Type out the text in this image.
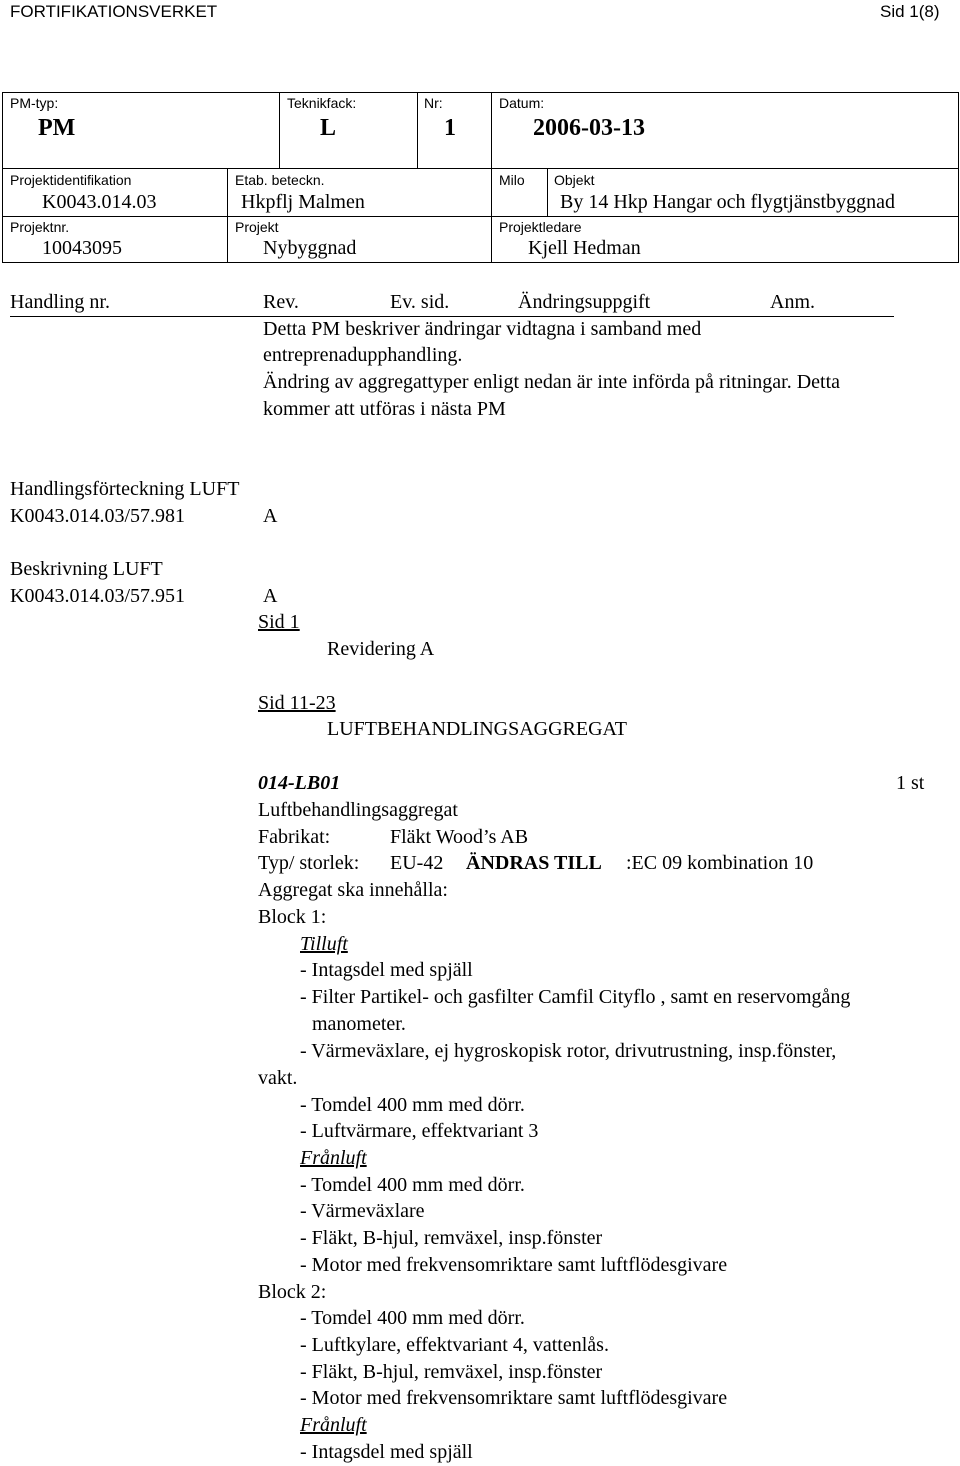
FORTIFIKATIONSVERKET	Sid 1(8)
PM-typ:
PM
Teknikfack:
L
Nr:
1
Datum:
2006-03-13
Projektidentifikation
K0043.014.03
Etab. beteckn.
Hkpflj Malmen
Milo Objekt
By 14 Hkp Hangar och flygtjänstbyggnad
Projektnr.
10043095
Projekt
Nybyggnad
Projektledare
Kjell Hedman
Handling nr.	Rev.	Ev. sid.	Ändringsuppgift	Anm.
Detta PM beskriver ändringar vidtagna i samband med
entreprenadupphandling.
Ändring av aggregattyper enligt nedan är inte införda på ritningar. Detta
kommer att utföras i nästa PM
Handlingsförteckning LUFT
K0043.014.03/57.981	A
Beskrivning LUFT
K0043.014.03/57.951	A
Sid 1
Revidering A
Sid 11-23
LUFTBEHANDLINGSAGGREGAT
014-LB01	1 st
Luftbehandlingsaggregat
Fabrikat:	Fläkt Wood’s AB
Typ/ storlek: EU-42 ÄNDRAS TILL :EC 09 kombination 10
Aggregat ska innehålla:
Block 1:
Tilluft
- Intagsdel med spjäll
- Filter Partikel- och gasfilter Camfil Cityflo , samt en reservomgång
manometer.
- Värmeväxlare, ej hygroskopisk rotor, drivutrustning, insp.fönster,
vakt.
- Tomdel 400 mm med dörr.
- Luftvärmare, effektvariant 3
Frånluft
- Tomdel 400 mm med dörr.
- Värmeväxlare
- Fläkt, B-hjul, remväxel, insp.fönster
- Motor med frekvensomriktare samt luftflödesgivare
Block 2:
- Tomdel 400 mm med dörr.
- Luftkylare, effektvariant 4, vattenlås.
- Fläkt, B-hjul, remväxel, insp.fönster
- Motor med frekvensomriktare samt luftflödesgivare
Frånluft
- Intagsdel med spjäll
